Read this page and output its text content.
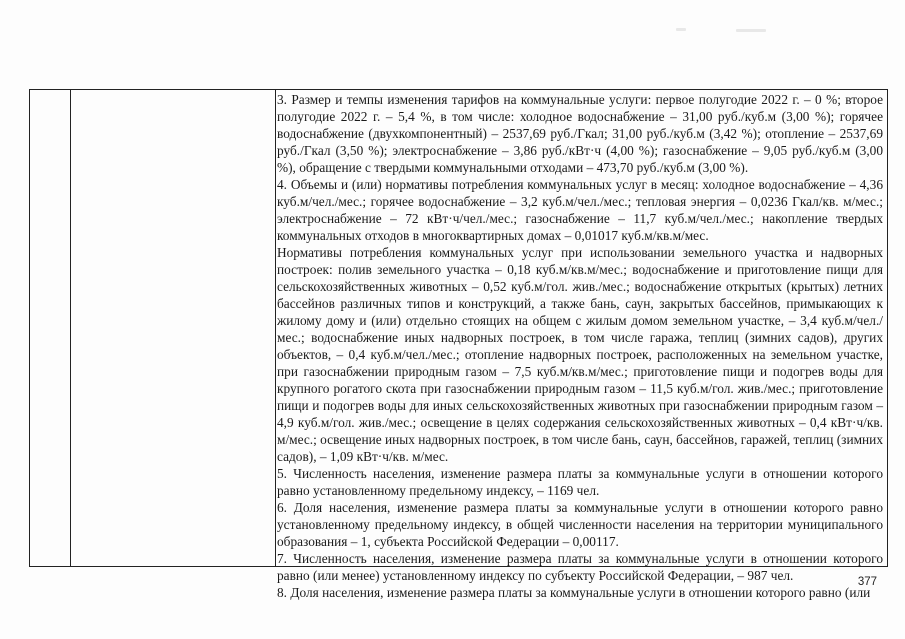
3. Размер и темпы изменения тарифов на коммунальные услуги: первое полугодие 2022 г. – 0 %; второе полугодие 2022 г. – 5,4 %, в том числе: холодное водоснабжение – 31,00 руб./куб.м (3,00 %); горячее водоснабжение (двухкомпонентный) – 2537,69 руб./Гкал; 31,00 руб./куб.м (3,42 %); отопление – 2537,69 руб./Гкал (3,50 %); электроснабжение – 3,86 руб./кВт·ч (4,00 %); газоснабжение – 9,05 руб./куб.м (3,00 %), обращение с твердыми коммунальными отходами – 473,70 руб./куб.м (3,00 %).

4. Объемы и (или) нормативы потребления коммунальных услуг в месяц: холодное водоснабжение – 4,36 куб.м/чел./мес.; горячее водоснабжение – 3,2 куб.м/чел./мес.; тепловая энергия – 0,0236 Гкал/кв. м/мес.; электроснабжение – 72 кВт·ч/чел./мес.; газоснабжение – 11,7 куб.м/чел./мес.; накопление твердых коммунальных отходов в многоквартирных домах – 0,01017 куб.м/кв.м/мес.

Нормативы потребления коммунальных услуг при использовании земельного участка и надворных построек: полив земельного участка – 0,18 куб.м/кв.м/мес.; водоснабжение и приготовление пищи для сельскохозяйственных животных – 0,52 куб.м/гол. жив./мес.; водоснабжение открытых (крытых) летних бассейнов различных типов и конструкций, а также бань, саун, закрытых бассейнов, примыкающих к жилому дому и (или) отдельно стоящих на общем с жилым домом земельном участке, – 3,4 куб.м/чел./мес.; водоснабжение иных надворных построек, в том числе гаража, теплиц (зимних садов), других объектов, – 0,4 куб.м/чел./мес.; отопление надворных построек, расположенных на земельном участке, при газоснабжении природным газом – 7,5 куб.м/кв.м/мес.; приготовление пищи и подогрев воды для крупного рогатого скота при газоснабжении природным газом – 11,5 куб.м/гол. жив./мес.; приготовление пищи и подогрев воды для иных сельскохозяйственных животных при газоснабжении природным газом – 4,9 куб.м/гол. жив./мес.; освещение в целях содержания сельскохозяйственных животных – 0,4 кВт·ч/кв. м/мес.; освещение иных надворных построек, в том числе бань, саун, бассейнов, гаражей, теплиц (зимних садов), – 1,09 кВт·ч/кв. м/мес.

5. Численность населения, изменение размера платы за коммунальные услуги в отношении которого равно установленному предельному индексу, – 1169 чел.

6. Доля населения, изменение размера платы за коммунальные услуги в отношении которого равно установленному предельному индексу, в общей численности населения на территории муниципального образования – 1, субъекта Российской Федерации – 0,00117.

7. Численность населения, изменение размера платы за коммунальные услуги в отношении которого равно (или менее) установленному индексу по субъекту Российской Федерации, – 987 чел.

8. Доля населения, изменение размера платы за коммунальные услуги в отношении которого равно (или

377
